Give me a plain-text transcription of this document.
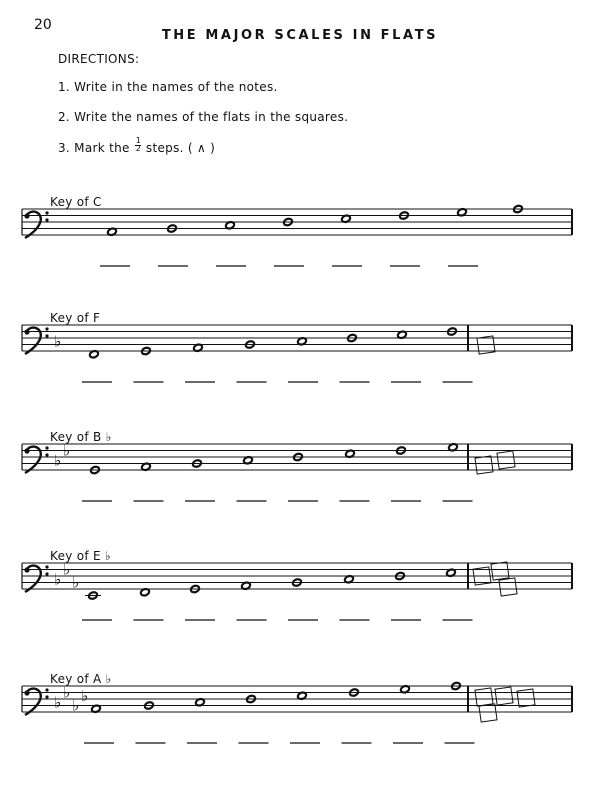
20
THE MAJOR SCALES IN FLATS
DIRECTIONS:
1. Write in the names of the notes.
2. Write the names of the flats in the squares.
3. Mark the $\frac{1}{2}$ steps. ( ∧ )
Key of C
Key of F
♭
Key of B ♭
♭
♭
Key of E ♭
♭
♭
♭
Key of A ♭
♭
♭
♭
♭
